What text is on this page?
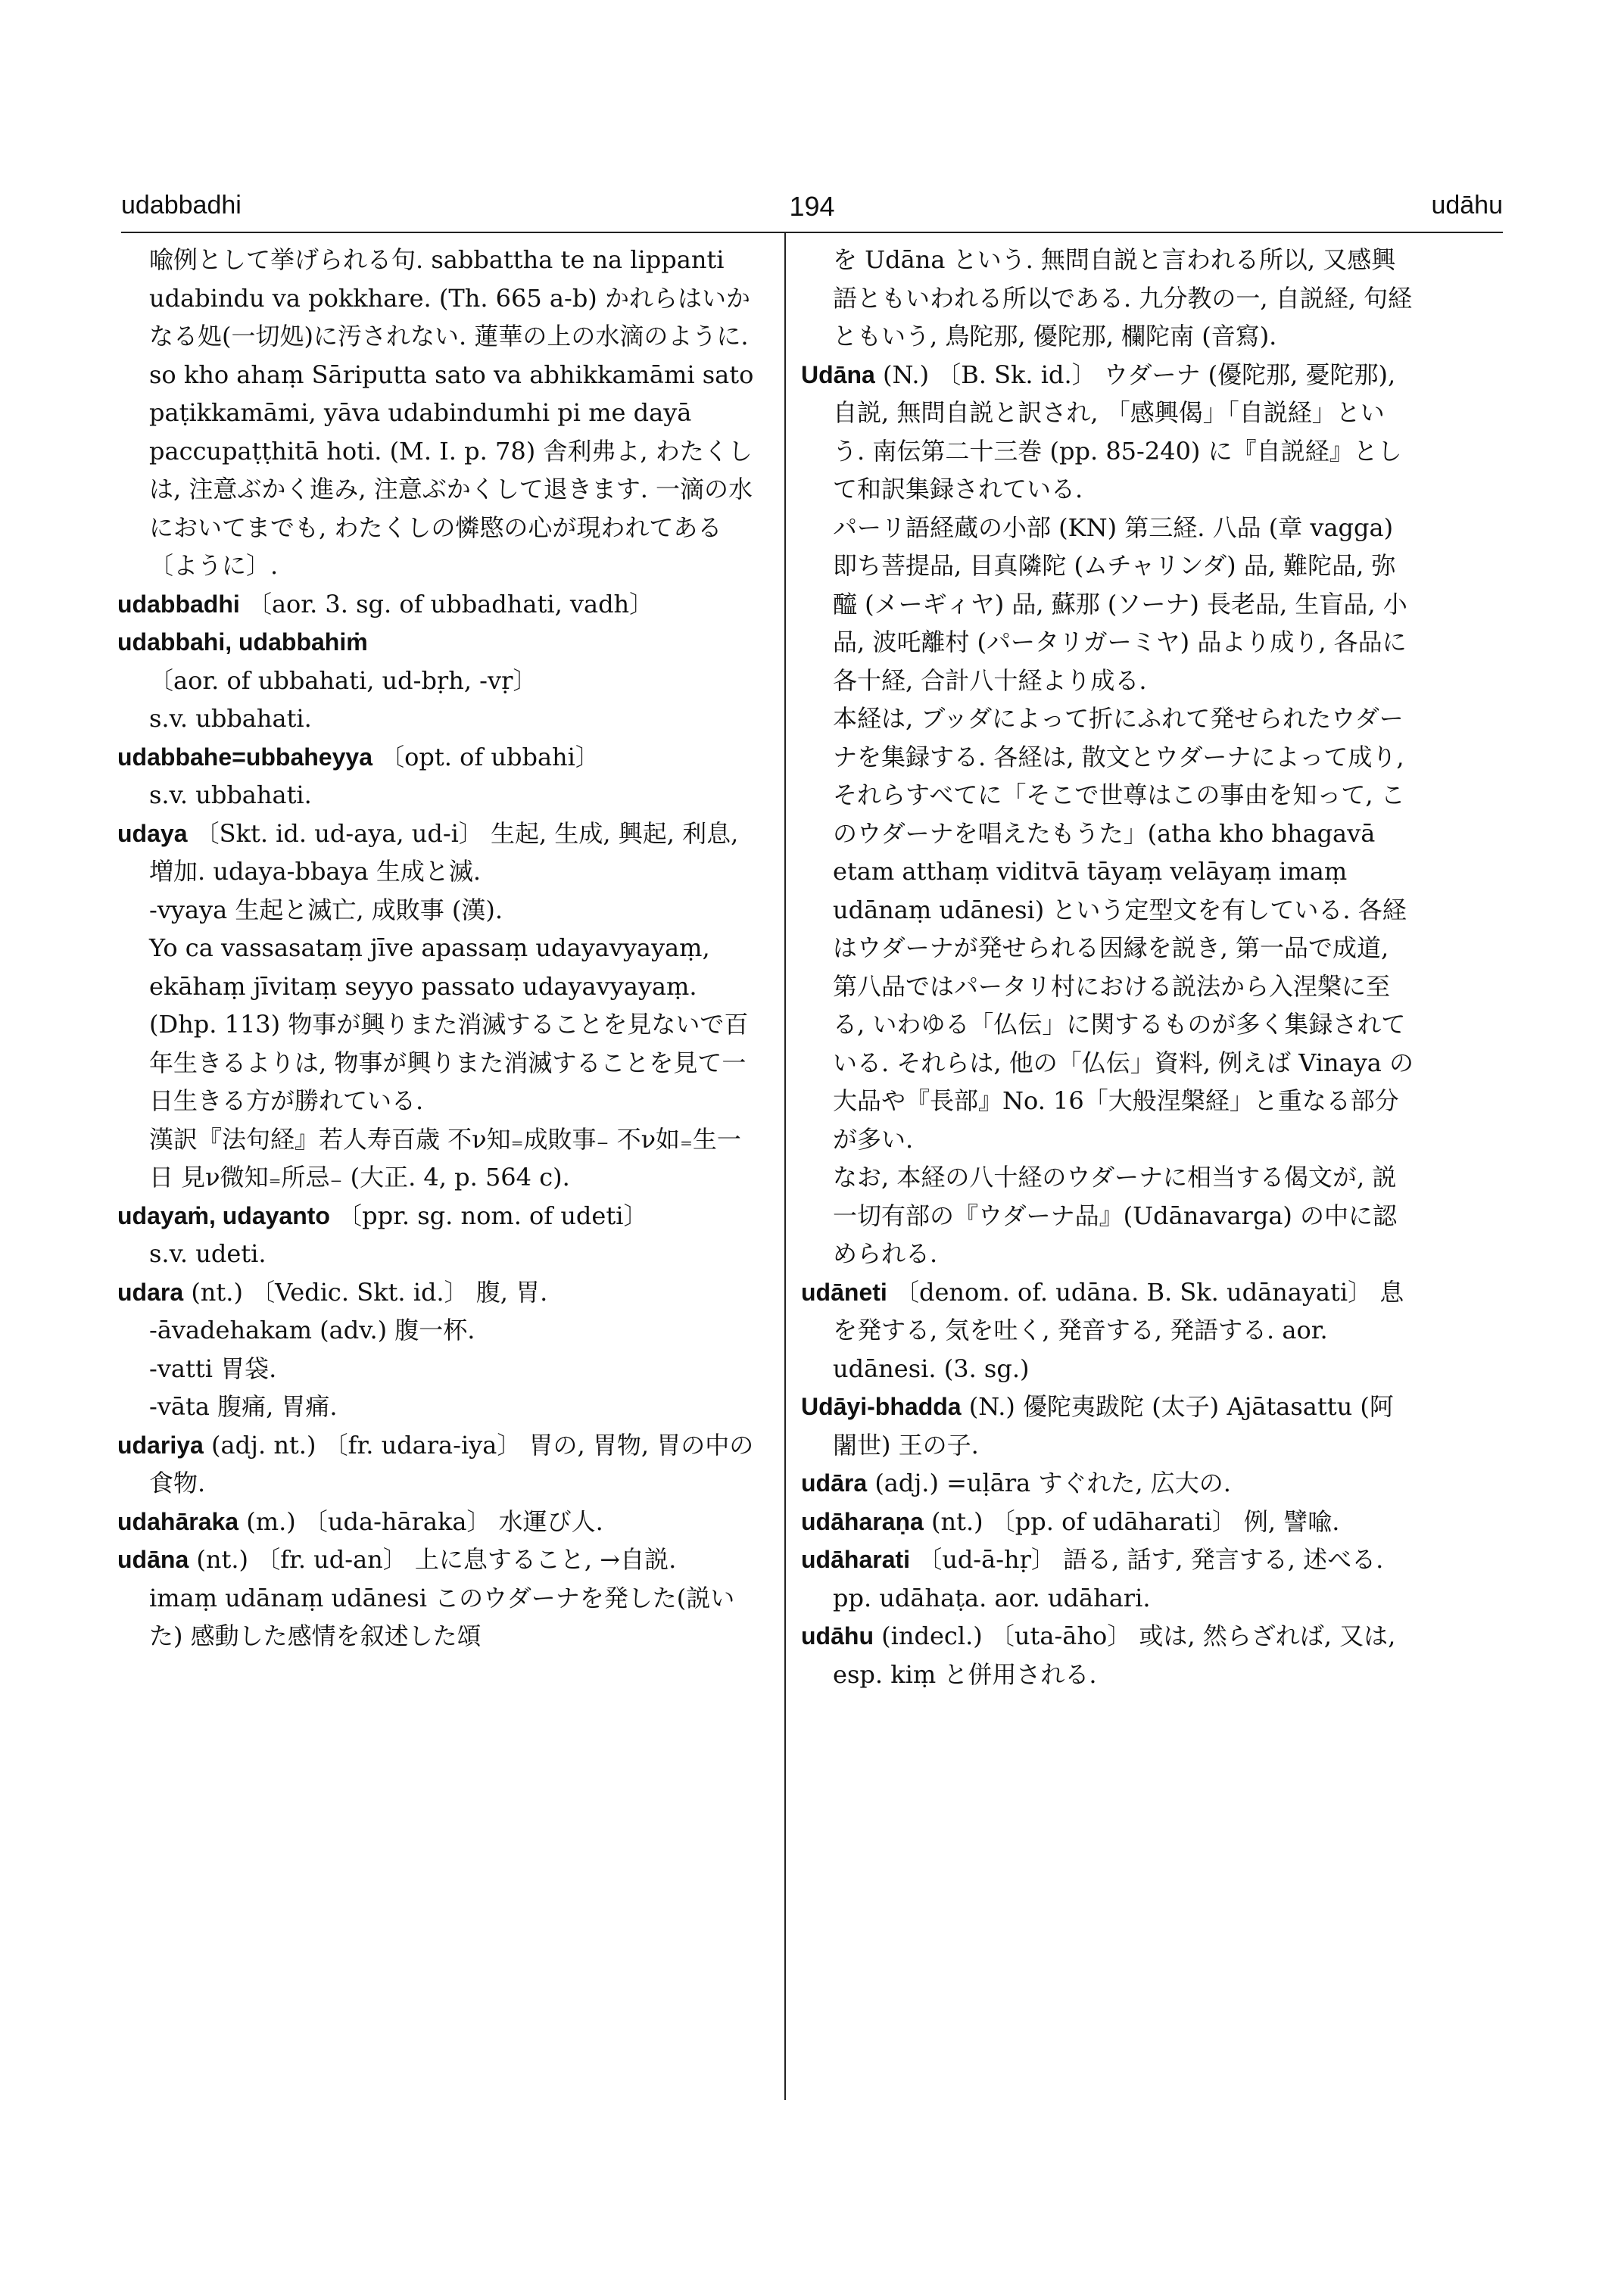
udabbadhi	194	udāhu

喩例として挙げられる句. sabbattha te na lippanti udabindu va pokkhare. (Th. 665 a-b) かれらはいかなる処(一切処)に汚されない. 蓮華の上の水滴のように.

so kho ahaṃ Sāriputta sato va abhikkamāmi sato paṭikkamāmi, yāva udabindumhi pi me dayā paccupaṭṭhitā hoti. (M. I. p. 78) 舎利弗よ, わたくしは, 注意ぶかく進み, 注意ぶかくして退きます. 一滴の水においてまでも, わたくしの憐愍の心が現われてある〔ように〕.

udabbadhi 〔aor. 3. sg. of ubbadhati, vadh〕

udabbahi, udabbahiṁ 〔aor. of ubbahati, ud-bṛh, -vṛ〕

s.v. ubbahati.

udabbahe=ubbaheyya 〔opt. of ubbahi〕

s.v. ubbahati.

udaya 〔Skt. id. ud-aya, ud-i〕 生起, 生成, 興起, 利息, 増加. udaya-bbaya 生成と滅.

-vyaya 生起と滅亡, 成敗事 (漢).

Yo ca vassasataṃ jīve apassaṃ udayavyayaṃ, ekāhaṃ jīvitaṃ seyyo passato udayavyayaṃ. (Dhp. 113) 物事が興りまた消滅することを見ないで百年生きるよりは, 物事が興りまた消滅することを見て一日生きる方が勝れている.

漢訳『法句経』若人寿百歳 不ν知₌成敗事₋ 不ν如₌生一日 見ν微知₌所忌₋ (大正. 4, p. 564 c).

udayaṁ, udayanto 〔ppr. sg. nom. of udeti〕

s.v. udeti.

udara (nt.) 〔Vedic. Skt. id.〕 腹, 胃.

-āvadehakam (adv.) 腹一杯.

-vatti 胃袋.

-vāta 腹痛, 胃痛.

udariya (adj. nt.) 〔fr. udara-iya〕 胃の, 胃物, 胃の中の食物.

udahāraka (m.) 〔uda-hāraka〕 水運び人.

udāna (nt.) 〔fr. ud-an〕 上に息すること, →自説.

imaṃ udānaṃ udānesi このウダーナを発した(説いた) 感動した感情を叙述した頌

を Udāna という. 無問自説と言われる所以, 又感興語ともいわれる所以である. 九分教の一, 自説経, 句経ともいう, 鳥陀那, 優陀那, 欄陀南 (音寫).

Udāna (N.) 〔B. Sk. id.〕 ウダーナ (優陀那, 憂陀那), 自説, 無問自説と訳され, 「感興偈」「自説経」という. 南伝第二十三巻 (pp. 85-240) に『自説経』として和訳集録されている.

パーリ語経蔵の小部 (KN) 第三経. 八品 (章 vagga) 即ち菩提品, 目真隣陀 (ムチャリンダ) 品, 難陀品, 弥醯 (メーギィヤ) 品, 蘇那 (ソーナ) 長老品, 生盲品, 小品, 波吒離村 (パータリガーミヤ) 品より成り, 各品に各十経, 合計八十経より成る.

本経は, ブッダによって折にふれて発せられたウダーナを集録する. 各経は, 散文とウダーナによって成り, それらすべてに「そこで世尊はこの事由を知って, このウダーナを唱えたもうた」(atha kho bhagavā etam atthaṃ viditvā tāyaṃ velāyaṃ imaṃ udānaṃ udānesi) という定型文を有している. 各経はウダーナが発せられる因縁を説き, 第一品で成道, 第八品ではパータリ村における説法から入涅槃に至る, いわゆる「仏伝」に関するものが多く集録されている. それらは, 他の「仏伝」資料, 例えば Vinaya の大品や『長部』No. 16「大般涅槃経」と重なる部分が多い.

なお, 本経の八十経のウダーナに相当する偈文が, 説一切有部の『ウダーナ品』(Udānavarga) の中に認められる.

udāneti 〔denom. of. udāna. B. Sk. udānayati〕 息を発する, 気を吐く, 発音する, 発語する. aor. udānesi. (3. sg.)

Udāyi-bhadda (N.) 優陀夷跋陀 (太子) Ajātasattu (阿闍世) 王の子.

udāra (adj.) =uḷāra すぐれた, 広大の.

udāharaṇa (nt.) 〔pp. of udāharati〕 例, 譬喩.

udāharati 〔ud-ā-hṛ〕 語る, 話す, 発言する, 述べる. pp. udāhaṭa. aor. udāhari.

udāhu (indecl.) 〔uta-āho〕 或は, 然らざれば, 又は, esp. kiṃ と併用される.
